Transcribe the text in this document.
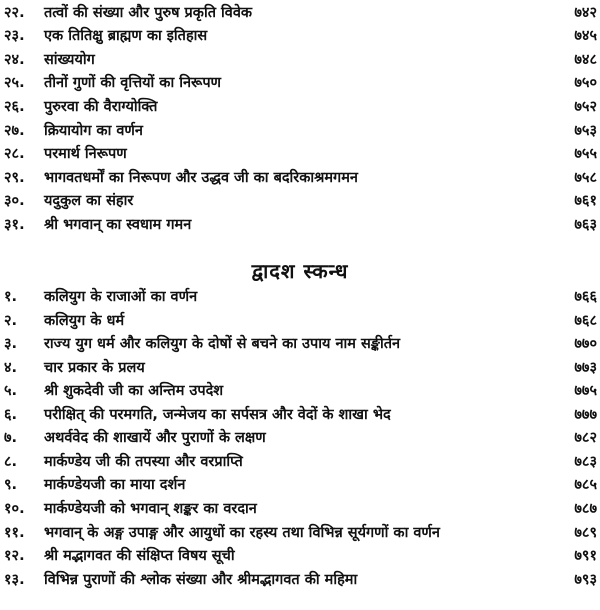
२२. तत्वों की संख्या और पुरुष प्रकृति विवेक	७४२
२३. एक तितिक्षु ब्राह्मण का इतिहास	७४५
२४. सांख्ययोग	७४८
२५. तीनों गुणों की वृत्तियों का निरूपण	७५०
२६. पुरुरवा की वैराग्योक्ति	७५२
२७. क्रियायोग का वर्णन	७५३
२८. परमार्थ निरूपण	७५५
२९. भागवतधर्मों का निरूपण और उद्धव जी का बदरिकाश्रमगमन	७५८
३०. यदुकुल का संहार	७६१
३१. श्री भगवान् का स्वधाम गमन	७६३
द्वादश स्कन्ध
१. कलियुग के राजाओं का वर्णन	७६६
२. कलियुग के धर्म	७६८
३. राज्य युग धर्म और कलियुग के दोषों से बचने का उपाय नाम सङ्कीर्तन	७७०
४. चार प्रकार के प्रलय	७७३
५. श्री शुकदेवी जी का अन्तिम उपदेश	७७५
६. परीक्षित् की परमगति, जन्मेजय का सर्पसत्र और वेदों के शाखा भेद	७७७
७. अथर्ववेद की शाखायें और पुराणों के लक्षण	७८२
८. मार्कण्डेय जी की तपस्या और वरप्राप्ति	७८३
९. मार्कण्डेयजी का माया दर्शन	७८५
१०. मार्कण्डेयजी को भगवान् शङ्कर का वरदान	७८७
११. भगवान् के अङ्ग उपाङ्ग और आयुधों का रहस्य तथा विभिन्न सूर्यगणों का वर्णन	७८९
१२. श्री मद्भागवत की संक्षिप्त विषय सूची	७९१
१३. विभिन्न पुराणों की श्लोक संख्या और श्रीमद्भागवत की महिमा	७९३
